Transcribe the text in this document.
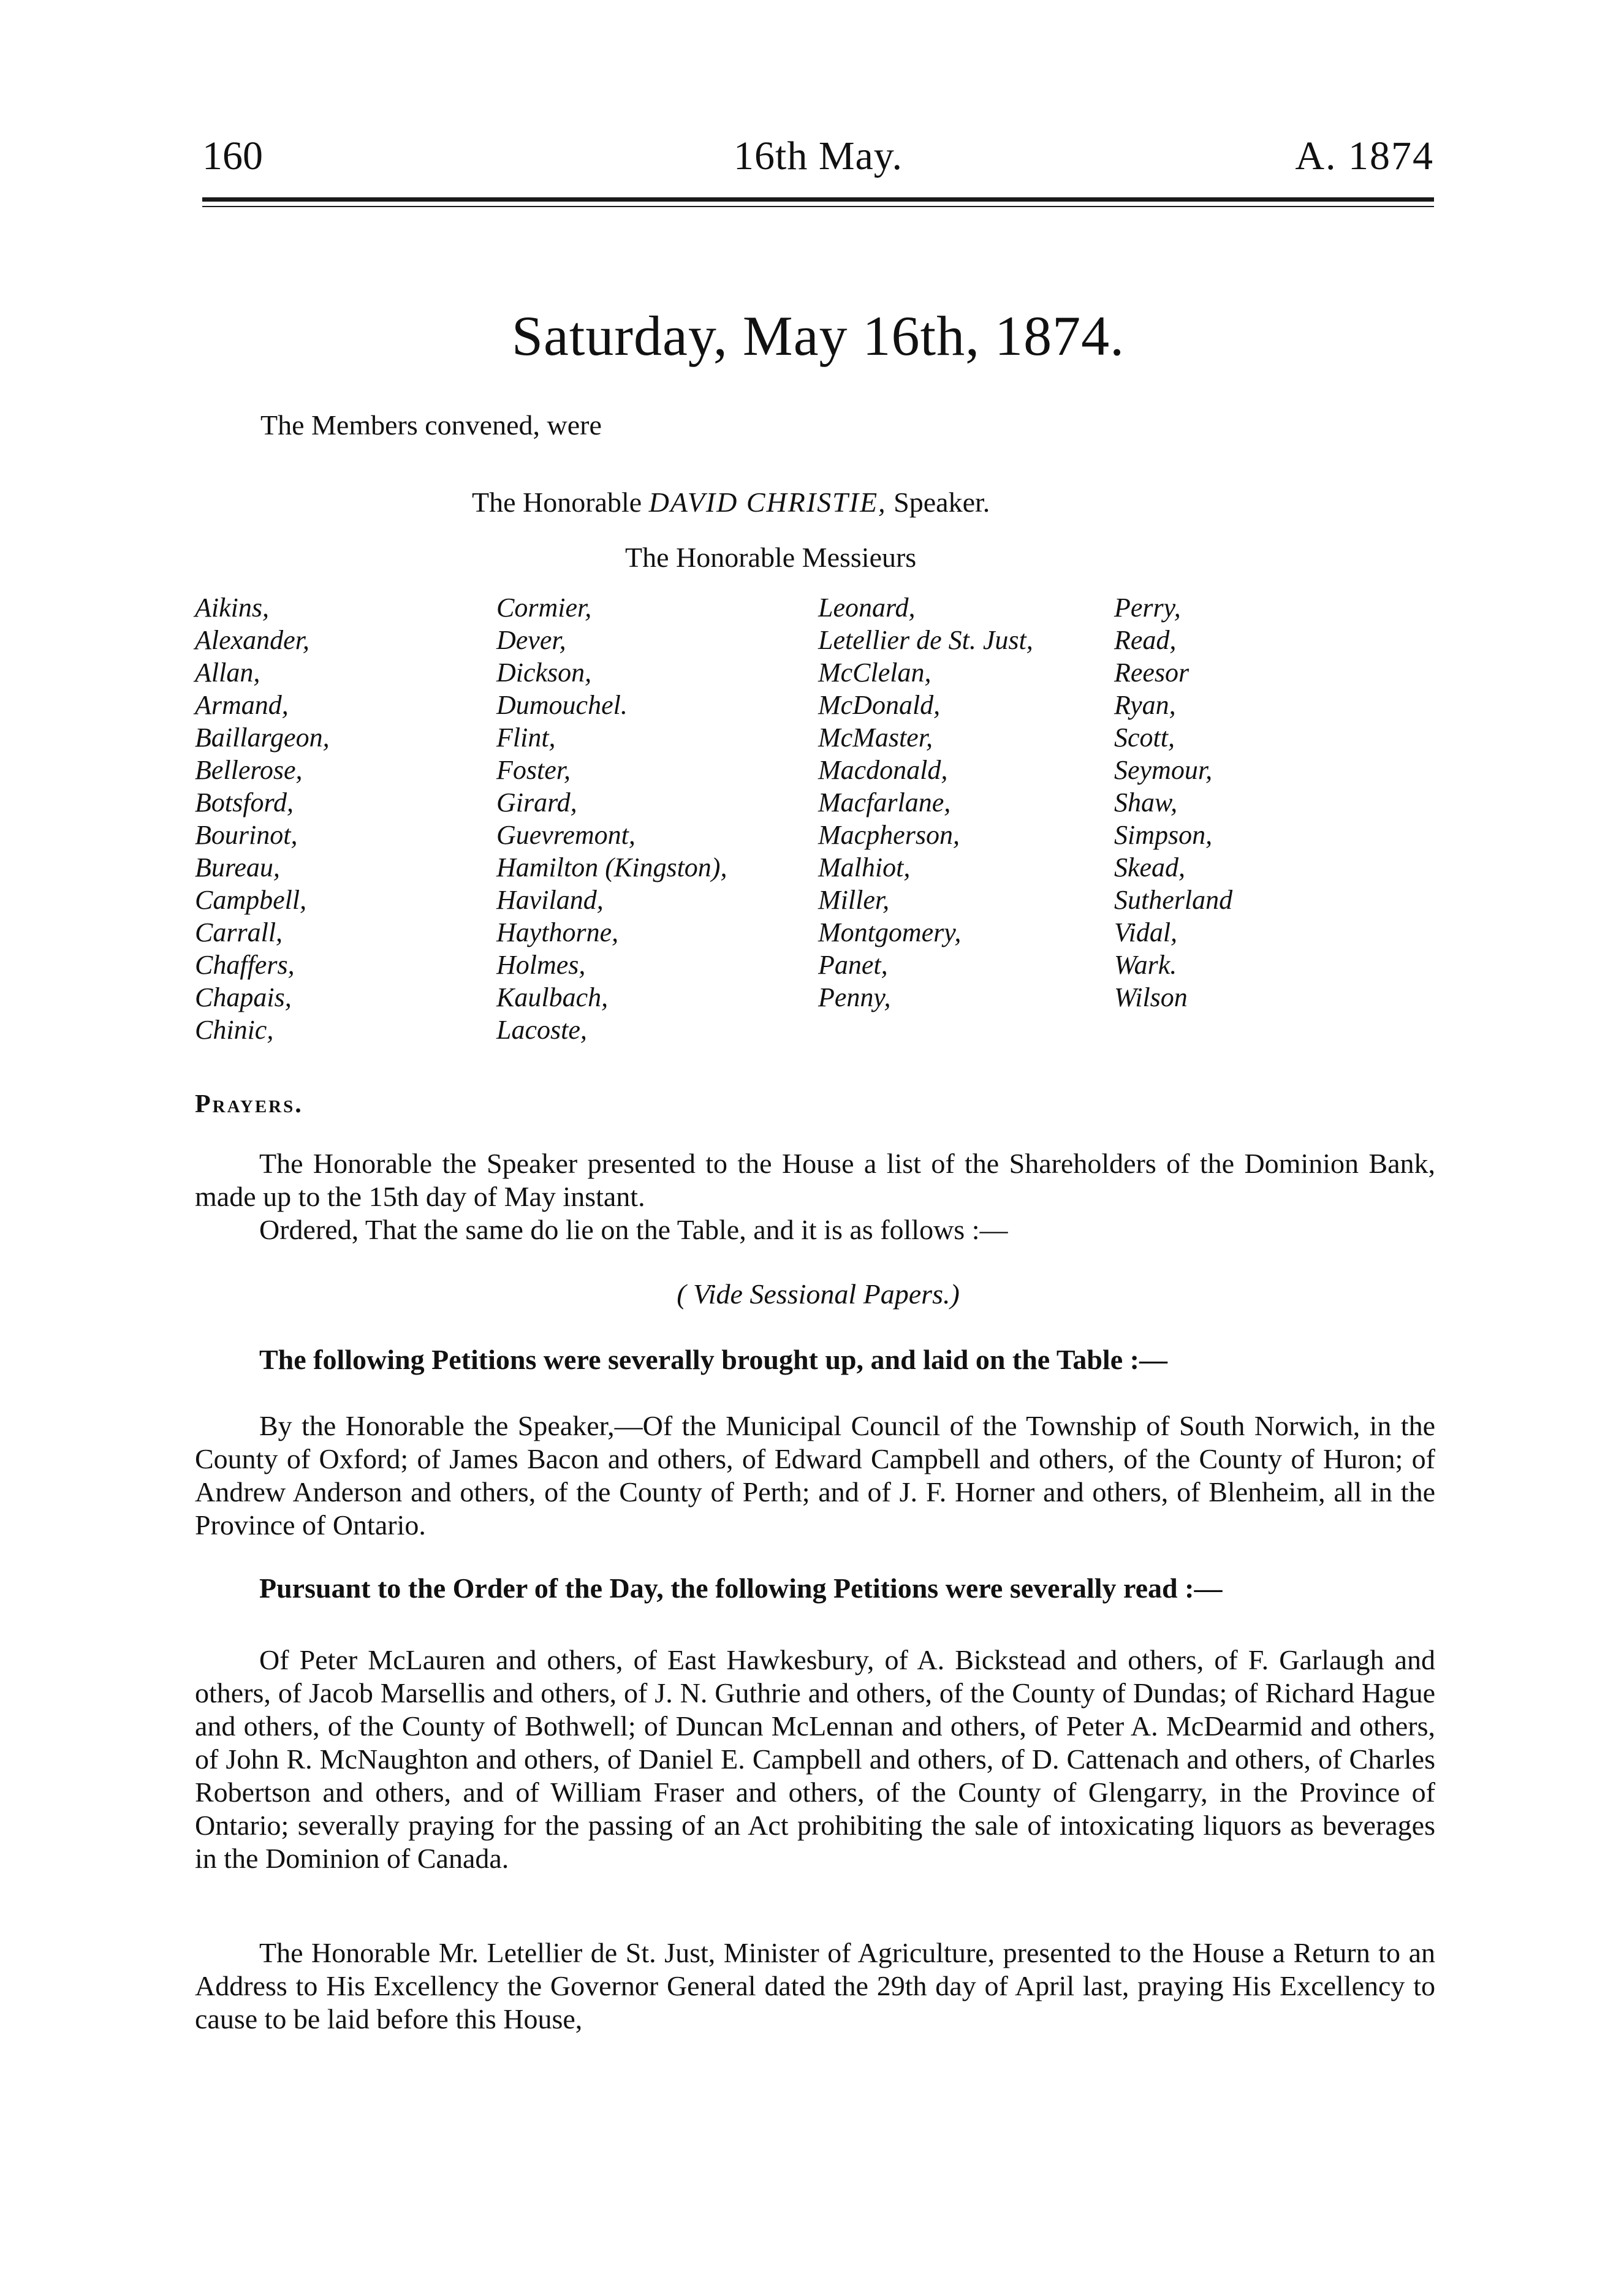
160	16th May.	A. 1874
Saturday, May 16th, 1874.
The Members convened, were
The Honorable DAVID CHRISTIE, Speaker.
The Honorable Messieurs
Aikins,
Alexander,
Allan,
Armand,
Baillargeon,
Bellerose,
Botsford,
Bourinot,
Bureau,
Campbell,
Carrall,
Chaffers,
Chapais,
Chinic,
Cormier,
Dever,
Dickson,
Dumouchel.
Flint,
Foster,
Girard,
Guevremont,
Hamilton (Kingston),
Haviland,
Haythorne,
Holmes,
Kaulbach,
Lacoste,
Leonard,
Letellier de St. Just,
McClelan,
McDonald,
McMaster,
Macdonald,
Macfarlane,
Macpherson,
Malhiot,
Miller,
Montgomery,
Panet,
Penny,
Perry,
Read,
Reesor
Ryan,
Scott,
Seymour,
Shaw,
Simpson,
Skead,
Sutherland
Vidal,
Wark.
Wilson
Prayers.
The Honorable the Speaker presented to the House a list of the Shareholders of the Dominion Bank, made up to the 15th day of May instant.
Ordered, That the same do lie on the Table, and it is as follows :—
( Vide Sessional Papers.)
The following Petitions were severally brought up, and laid on the Table :—
By the Honorable the Speaker,—Of the Municipal Council of the Township of South Norwich, in the County of Oxford; of James Bacon and others, of Edward Campbell and others, of the County of Huron; of Andrew Anderson and others, of the County of Perth; and of J. F. Horner and others, of Blenheim, all in the Province of Ontario.
Pursuant to the Order of the Day, the following Petitions were severally read :—
Of Peter McLauren and others, of East Hawkesbury, of A. Bickstead and others, of F. Garlaugh and others, of Jacob Marsellis and others, of J. N. Guthrie and others, of the County of Dundas; of Richard Hague and others, of the County of Bothwell; of Duncan McLennan and others, of Peter A. McDearmid and others, of John R. McNaughton and others, of Daniel E. Campbell and others, of D. Cattenach and others, of Charles Robertson and others, and of William Fraser and others, of the County of Glengarry, in the Province of Ontario; severally praying for the passing of an Act prohibiting the sale of intoxicating liquors as beverages in the Dominion of Canada.
The Honorable Mr. Letellier de St. Just, Minister of Agriculture, presented to the House a Return to an Address to His Excellency the Governor General dated the 29th day of April last, praying His Excellency to cause to be laid before this House,
